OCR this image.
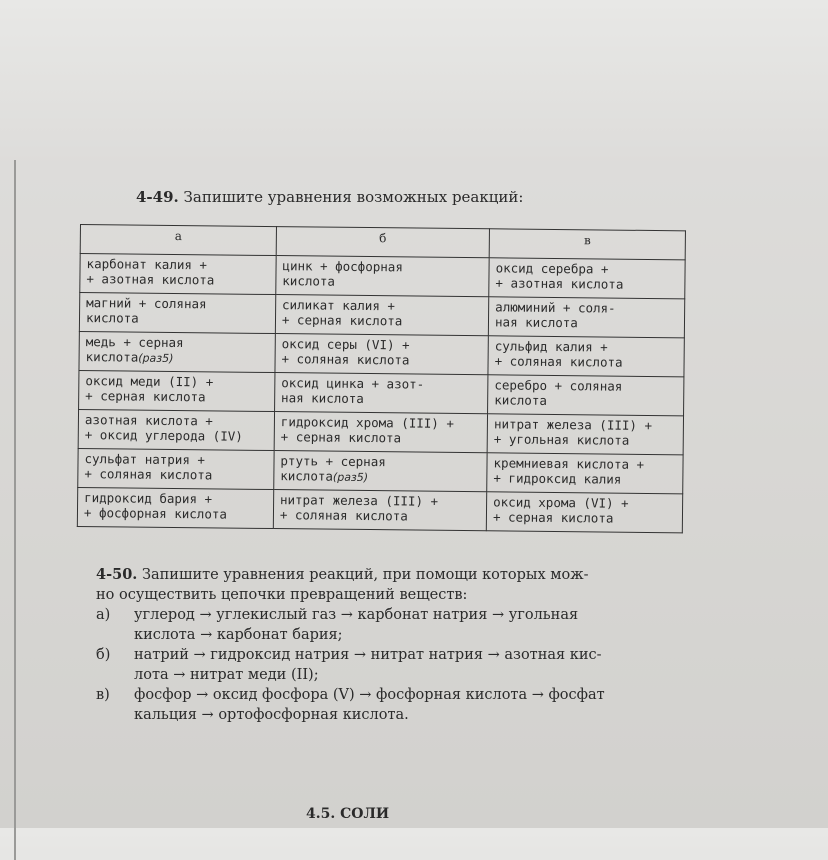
4-49. Запишите уравнения возможных реакций:
а	б	в

карбонат калия +
+ азотная кислота	цинк + фосфорная
кислота	оксид серебра +
+ азотная кислота

магний + соляная
кислота	силикат калия +
+ серная кислота	алюминий + соля-
ная кислота

медь + серная
кислота(раз5)	оксид серы (VI) +
+ соляная кислота	сульфид калия +
+ соляная кислота

оксид меди (II) +
+ серная кислота	оксид цинка + азот-
ная кислота	серебро + соляная
кислота

азотная кислота +
+ оксид углерода (IV)	гидроксид хрома (III) +
+ серная кислота	нитрат железа (III) +
+ угольная кислота

сульфат натрия +
+ соляная кислота	ртуть + серная
кислота(раз5)	кремниевая кислота +
+ гидроксид калия

гидроксид бария +
+ фосфорная кислота	нитрат железа (III) +
+ соляная кислота	оксид хрома (VI) +
+ серная кислота

4-50. Запишите уравнения реакций, при помощи которых мож-

но осуществить цепочки превращений веществ:

а) углерод → углекислый газ → карбонат натрия → угольная
кислота → карбонат бария;
б) натрий → гидроксид натрия → нитрат натрия → азотная кис-
лота → нитрат меди (II);
в) фосфор → оксид фосфора (V) → фосфорная кислота → фосфат
кальция → ортофосфорная кислота.
4.5. СОЛИ
